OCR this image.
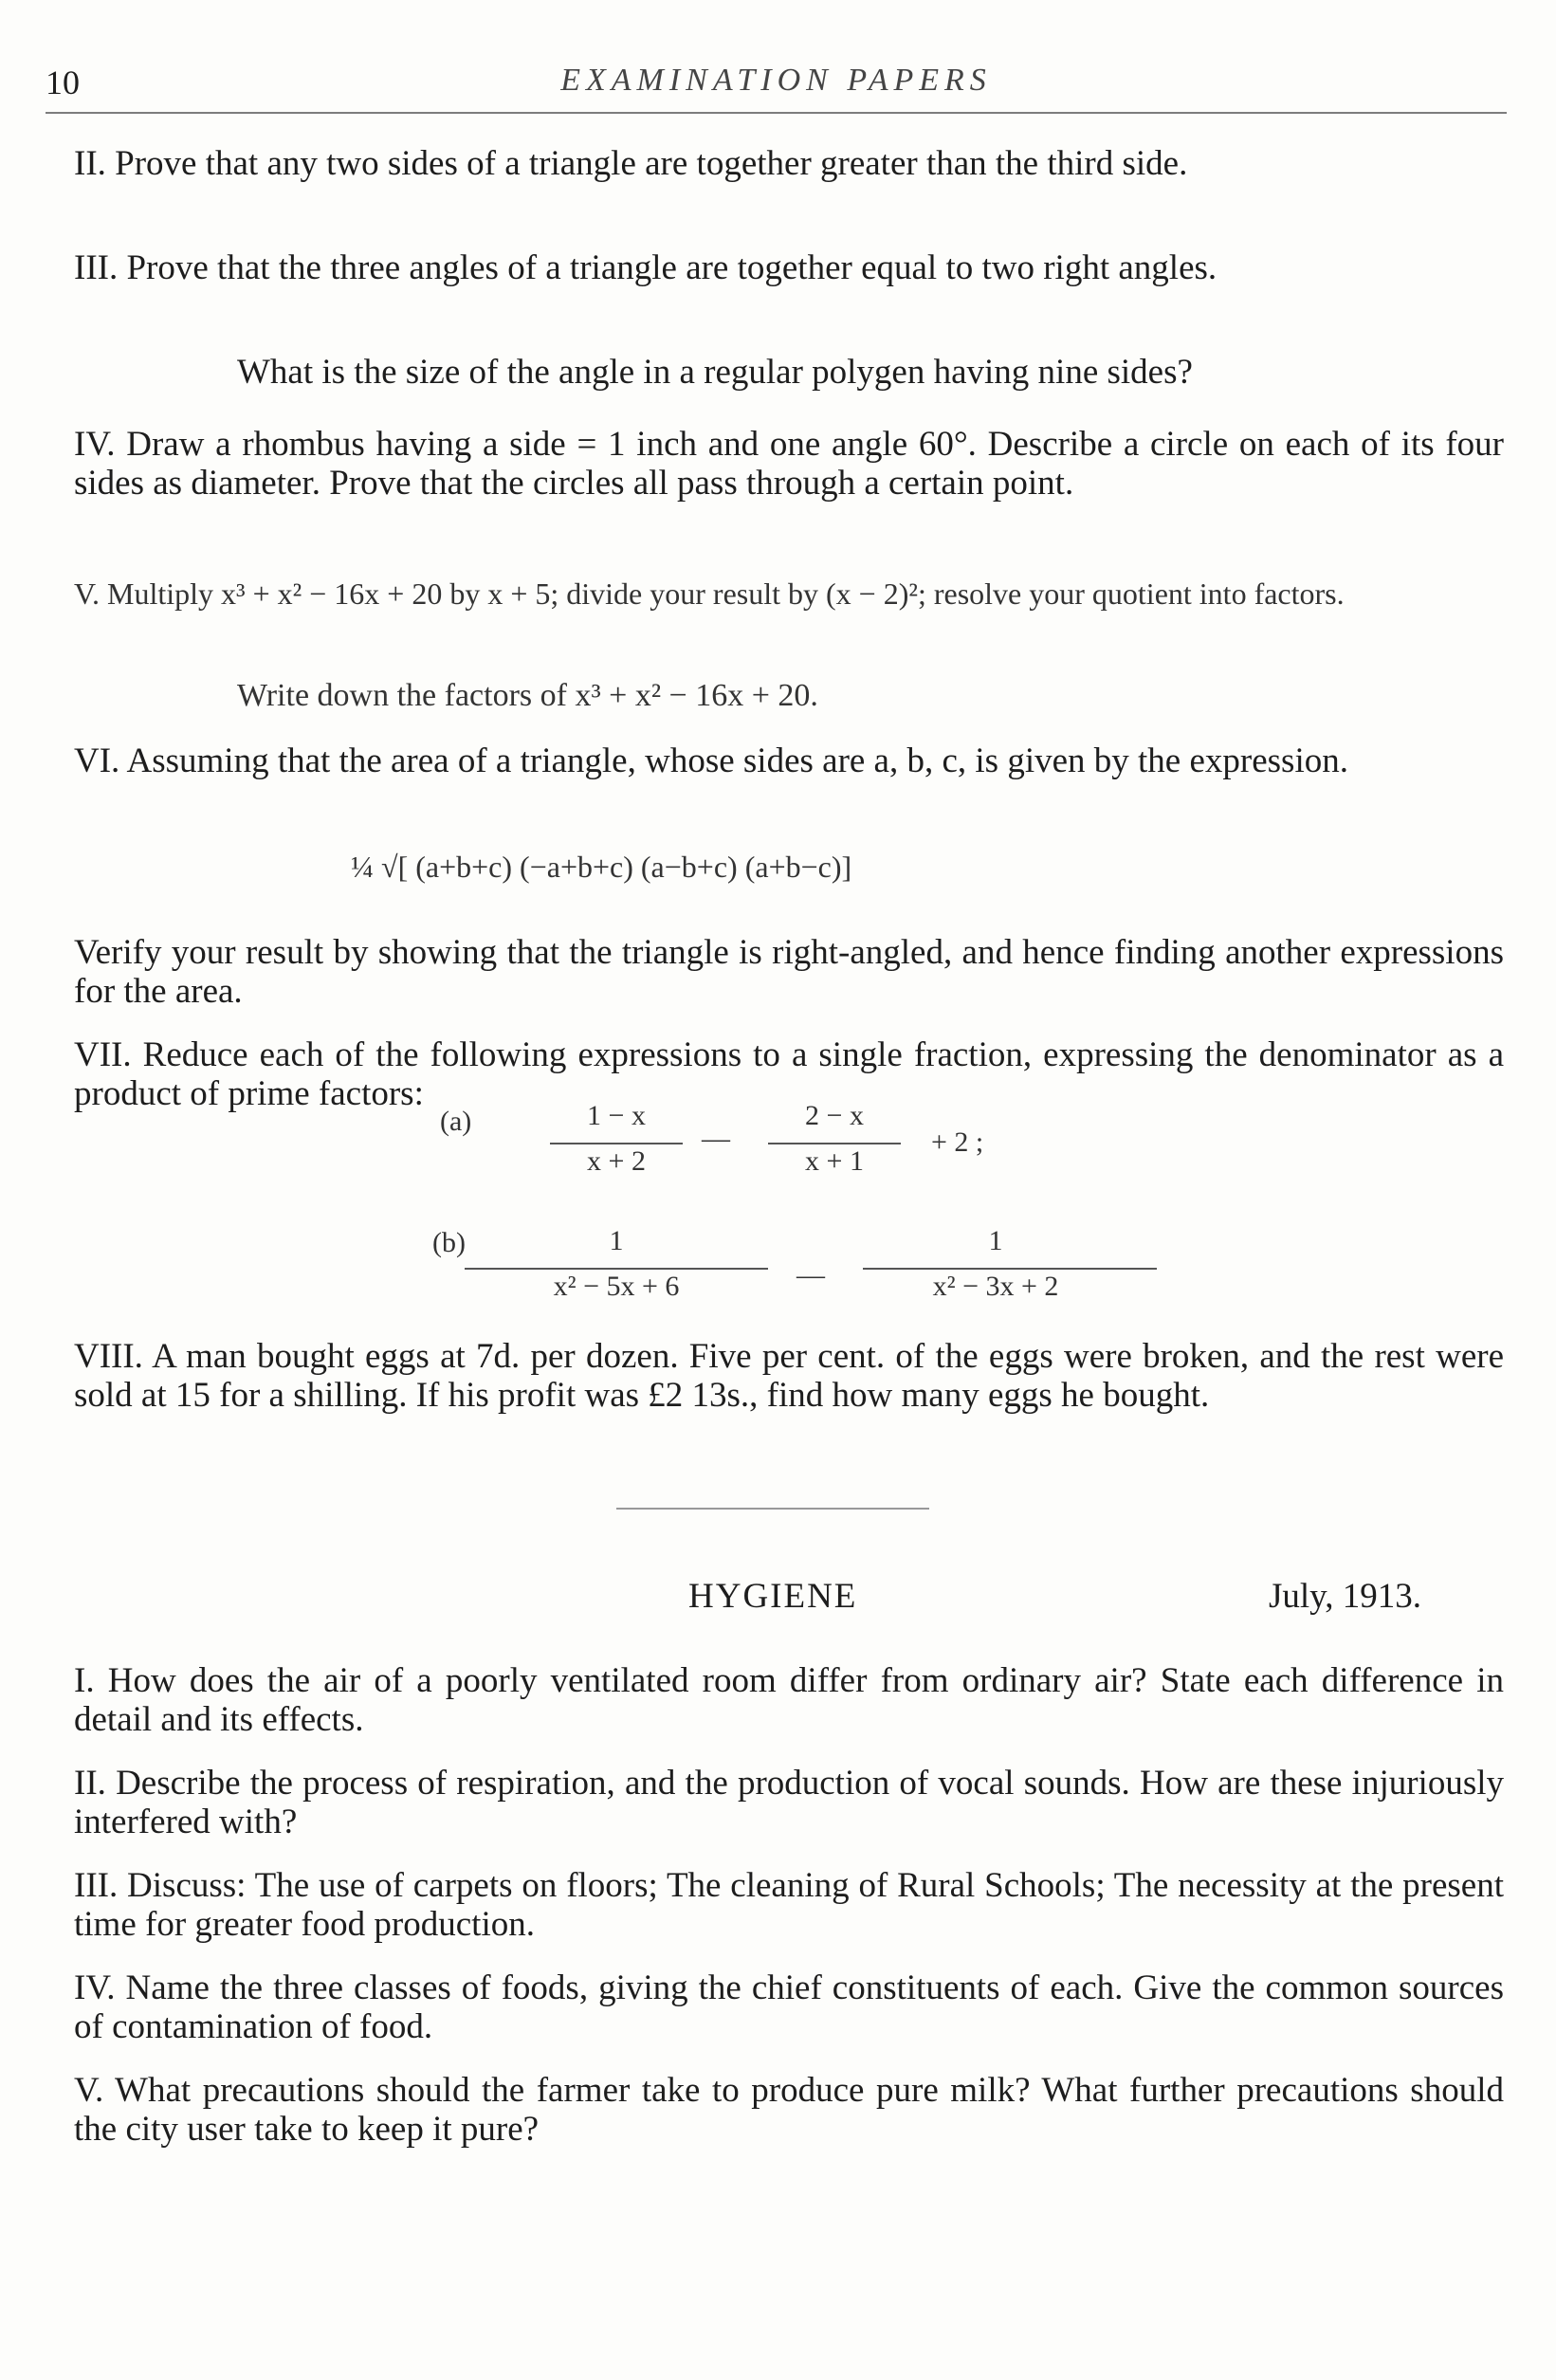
10	EXAMINATION PAPERS

II. Prove that any two sides of a triangle are together greater than the third side.

III. Prove that the three angles of a triangle are together equal to two right angles.

What is the size of the angle in a regular polygen having nine sides?

IV. Draw a rhombus having a side = 1 inch and one angle 60°. Describe a circle on each of its four sides as diameter. Prove that the circles all pass through a certain point.

V. Multiply x³ + x² − 16x + 20 by x + 5; divide your result by (x − 2)²; resolve your quotient into factors.

Write down the factors of x³ + x² − 16x + 20.

VI. Assuming that the area of a triangle, whose sides are a, b, c, is given by the expression.

¼ √[ (a+b+c) (−a+b+c) (a−b+c) (a+b−c)]

Verify your result by showing that the triangle is right-angled, and hence finding another expressions for the area.

VII. Reduce each of the following expressions to a single fraction, expressing the denominator as a product of prime factors:

(a)	1 − x
x + 2
—
2 − x
x + 1
+ 2 ;
(b)	1
x² − 5x + 6	—
1
x² − 3x + 2

VIII. A man bought eggs at 7d. per dozen. Five per cent. of the eggs were broken, and the rest were sold at 15 for a shilling. If his profit was £2 13s., find how many eggs he bought.

HYGIENE	July, 1913.

I. How does the air of a poorly ventilated room differ from ordinary air? State each difference in detail and its effects.

II. Describe the process of respiration, and the production of vocal sounds. How are these injuriously interfered with?

III. Discuss: The use of carpets on floors; The cleaning of Rural Schools; The necessity at the present time for greater food production.

IV. Name the three classes of foods, giving the chief constituents of each. Give the common sources of contamination of food.

V. What precautions should the farmer take to produce pure milk? What further precautions should the city user take to keep it pure?
